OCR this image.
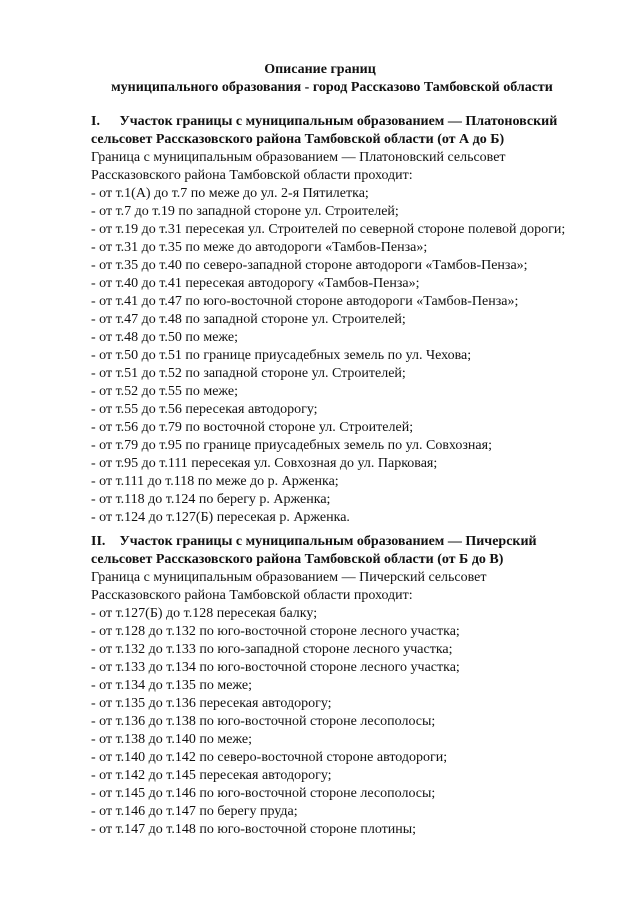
Описание границ
муниципального образования - город Рассказово Тамбовской области
I. Участок границы с муниципальным образованием — Платоновский
сельсовет Рассказовского района Тамбовской области (от А до Б)
Граница с муниципальным образованием — Платоновский сельсовет
Рассказовского района Тамбовской области проходит:
- от т.1(А) до т.7 по меже до ул. 2-я Пятилетка;
- от т.7 до т.19 по западной стороне ул. Строителей;
- от т.19 до т.31 пересекая ул. Строителей по северной стороне полевой дороги;
- от т.31 до т.35 по меже до автодороги «Тамбов-Пенза»;
- от т.35 до т.40 по северо-западной стороне автодороги «Тамбов-Пенза»;
- от т.40 до т.41 пересекая автодорогу «Тамбов-Пенза»;
- от т.41 до т.47 по юго-восточной стороне автодороги «Тамбов-Пенза»;
- от т.47 до т.48 по западной стороне ул. Строителей;
- от т.48 до т.50 по меже;
- от т.50 до т.51 по границе приусадебных земель по ул. Чехова;
- от т.51 до т.52 по западной стороне ул. Строителей;
- от т.52 до т.55 по меже;
- от т.55 до т.56 пересекая автодорогу;
- от т.56 до т.79 по восточной стороне ул. Строителей;
- от т.79 до т.95 по границе приусадебных земель по ул. Совхозная;
- от т.95 до т.111 пересекая ул. Совхозная до ул. Парковая;
- от т.111 до т.118 по меже до р. Арженка;
- от т.118 до т.124 по берегу р. Арженка;
- от т.124 до т.127(Б) пересекая р. Арженка.
II. Участок границы с муниципальным образованием — Пичерский
сельсовет Рассказовского района Тамбовской области (от Б до В)
Граница с муниципальным образованием — Пичерский сельсовет
Рассказовского района Тамбовской области проходит:
- от т.127(Б) до т.128 пересекая балку;
- от т.128 до т.132 по юго-восточной стороне лесного участка;
- от т.132 до т.133 по юго-западной стороне лесного участка;
- от т.133 до т.134 по юго-восточной стороне лесного участка;
- от т.134 до т.135 по меже;
- от т.135 до т.136 пересекая автодорогу;
- от т.136 до т.138 по юго-восточной стороне лесополосы;
- от т.138 до т.140 по меже;
- от т.140 до т.142 по северо-восточной стороне автодороги;
- от т.142 до т.145 пересекая автодорогу;
- от т.145 до т.146 по юго-восточной стороне лесополосы;
- от т.146 до т.147 по берегу пруда;
- от т.147 до т.148 по юго-восточной стороне плотины;
